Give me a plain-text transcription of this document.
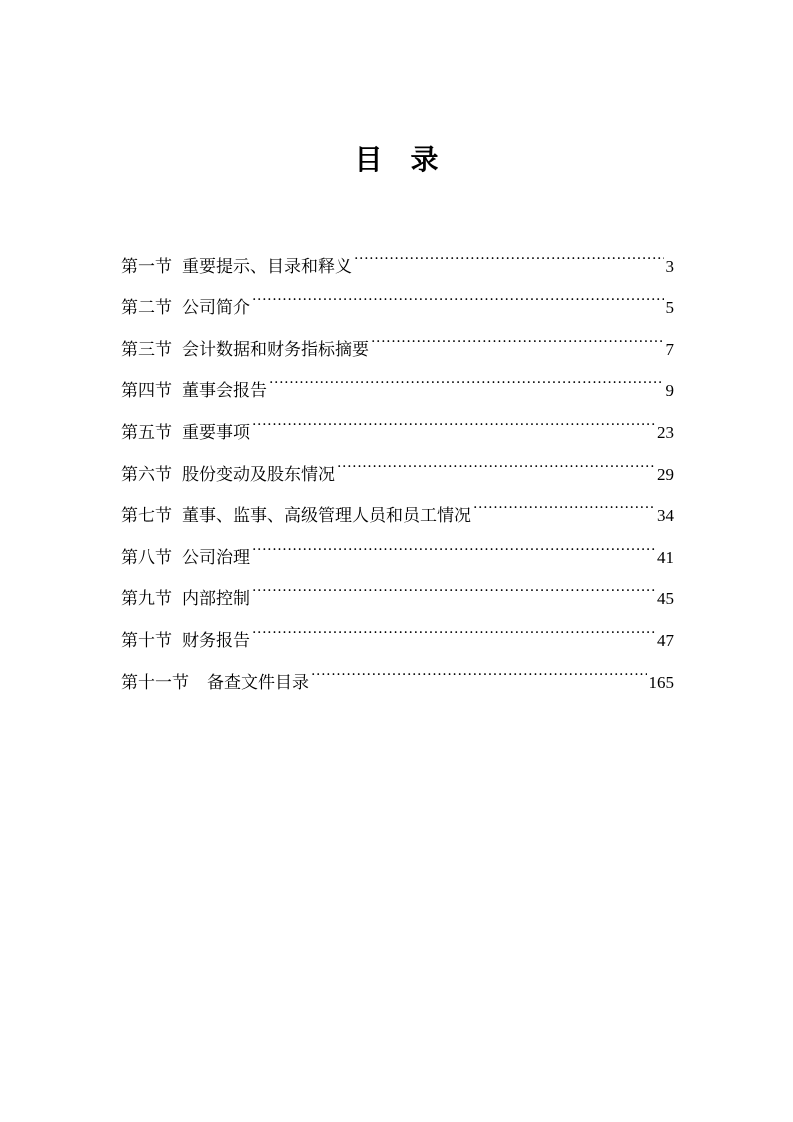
目 录
第一节 重要提示、目录和释义 .....	3
第二节 公司简介 .....	5
第三节 会计数据和财务指标摘要 .....	7
第四节 董事会报告 .....	9
第五节 重要事项 .....	23
第六节 股份变动及股东情况 .....	29
第七节 董事、监事、高级管理人员和员工情况 .....	34
第八节 公司治理 .....	41
第九节 内部控制 .....	45
第十节 财务报告 .....	47
第十一节 备查文件目录 .....	165
